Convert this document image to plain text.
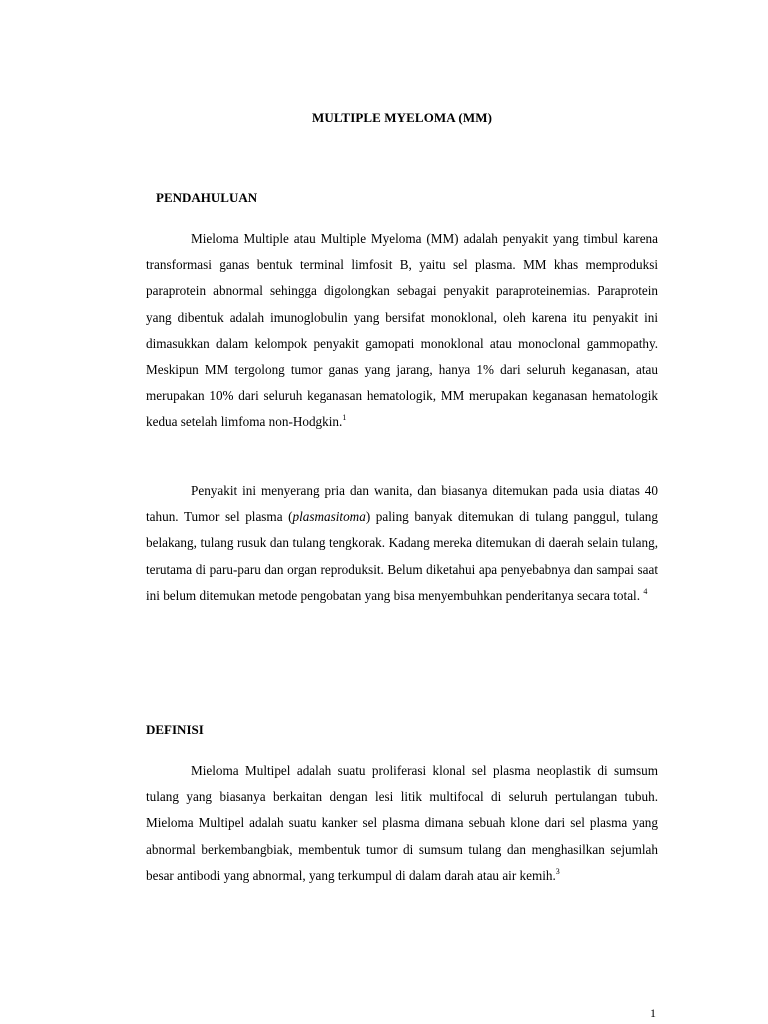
MULTIPLE MYELOMA (MM)
PENDAHULUAN

Mieloma Multiple atau Multiple Myeloma (MM) adalah penyakit yang timbul karena transformasi ganas bentuk terminal limfosit B, yaitu sel plasma. MM khas memproduksi paraprotein abnormal sehingga digolongkan sebagai penyakit paraproteinemias. Paraprotein yang dibentuk adalah imunoglobulin yang bersifat monoklonal, oleh karena itu penyakit ini dimasukkan dalam kelompok penyakit gamopati monoklonal atau monoclonal gammopathy. Meskipun MM tergolong tumor ganas yang jarang, hanya 1% dari seluruh keganasan, atau merupakan 10% dari seluruh keganasan hematologik, MM merupakan keganasan hematologik kedua setelah limfoma non-Hodgkin.$^1$

Penyakit ini menyerang pria dan wanita, dan biasanya ditemukan pada usia diatas 40 tahun. Tumor sel plasma (plasmasitoma) paling banyak ditemukan di tulang panggul, tulang belakang, tulang rusuk dan tulang tengkorak. Kadang mereka ditemukan di daerah selain tulang, terutama di paru-paru dan organ reproduksit. Belum diketahui apa penyebabnya dan sampai saat ini belum ditemukan metode pengobatan yang bisa menyembuhkan penderitanya secara total. $^4$

DEFINISI

Mieloma Multipel adalah suatu proliferasi klonal sel plasma neoplastik di sumsum tulang yang biasanya berkaitan dengan lesi litik multifocal di seluruh pertulangan tubuh. Mieloma Multipel adalah suatu kanker sel plasma dimana sebuah klone dari sel plasma yang abnormal berkembangbiak, membentuk tumor di sumsum tulang dan menghasilkan sejumlah besar antibodi yang abnormal, yang terkumpul di dalam darah atau air kemih.$^3$

1
